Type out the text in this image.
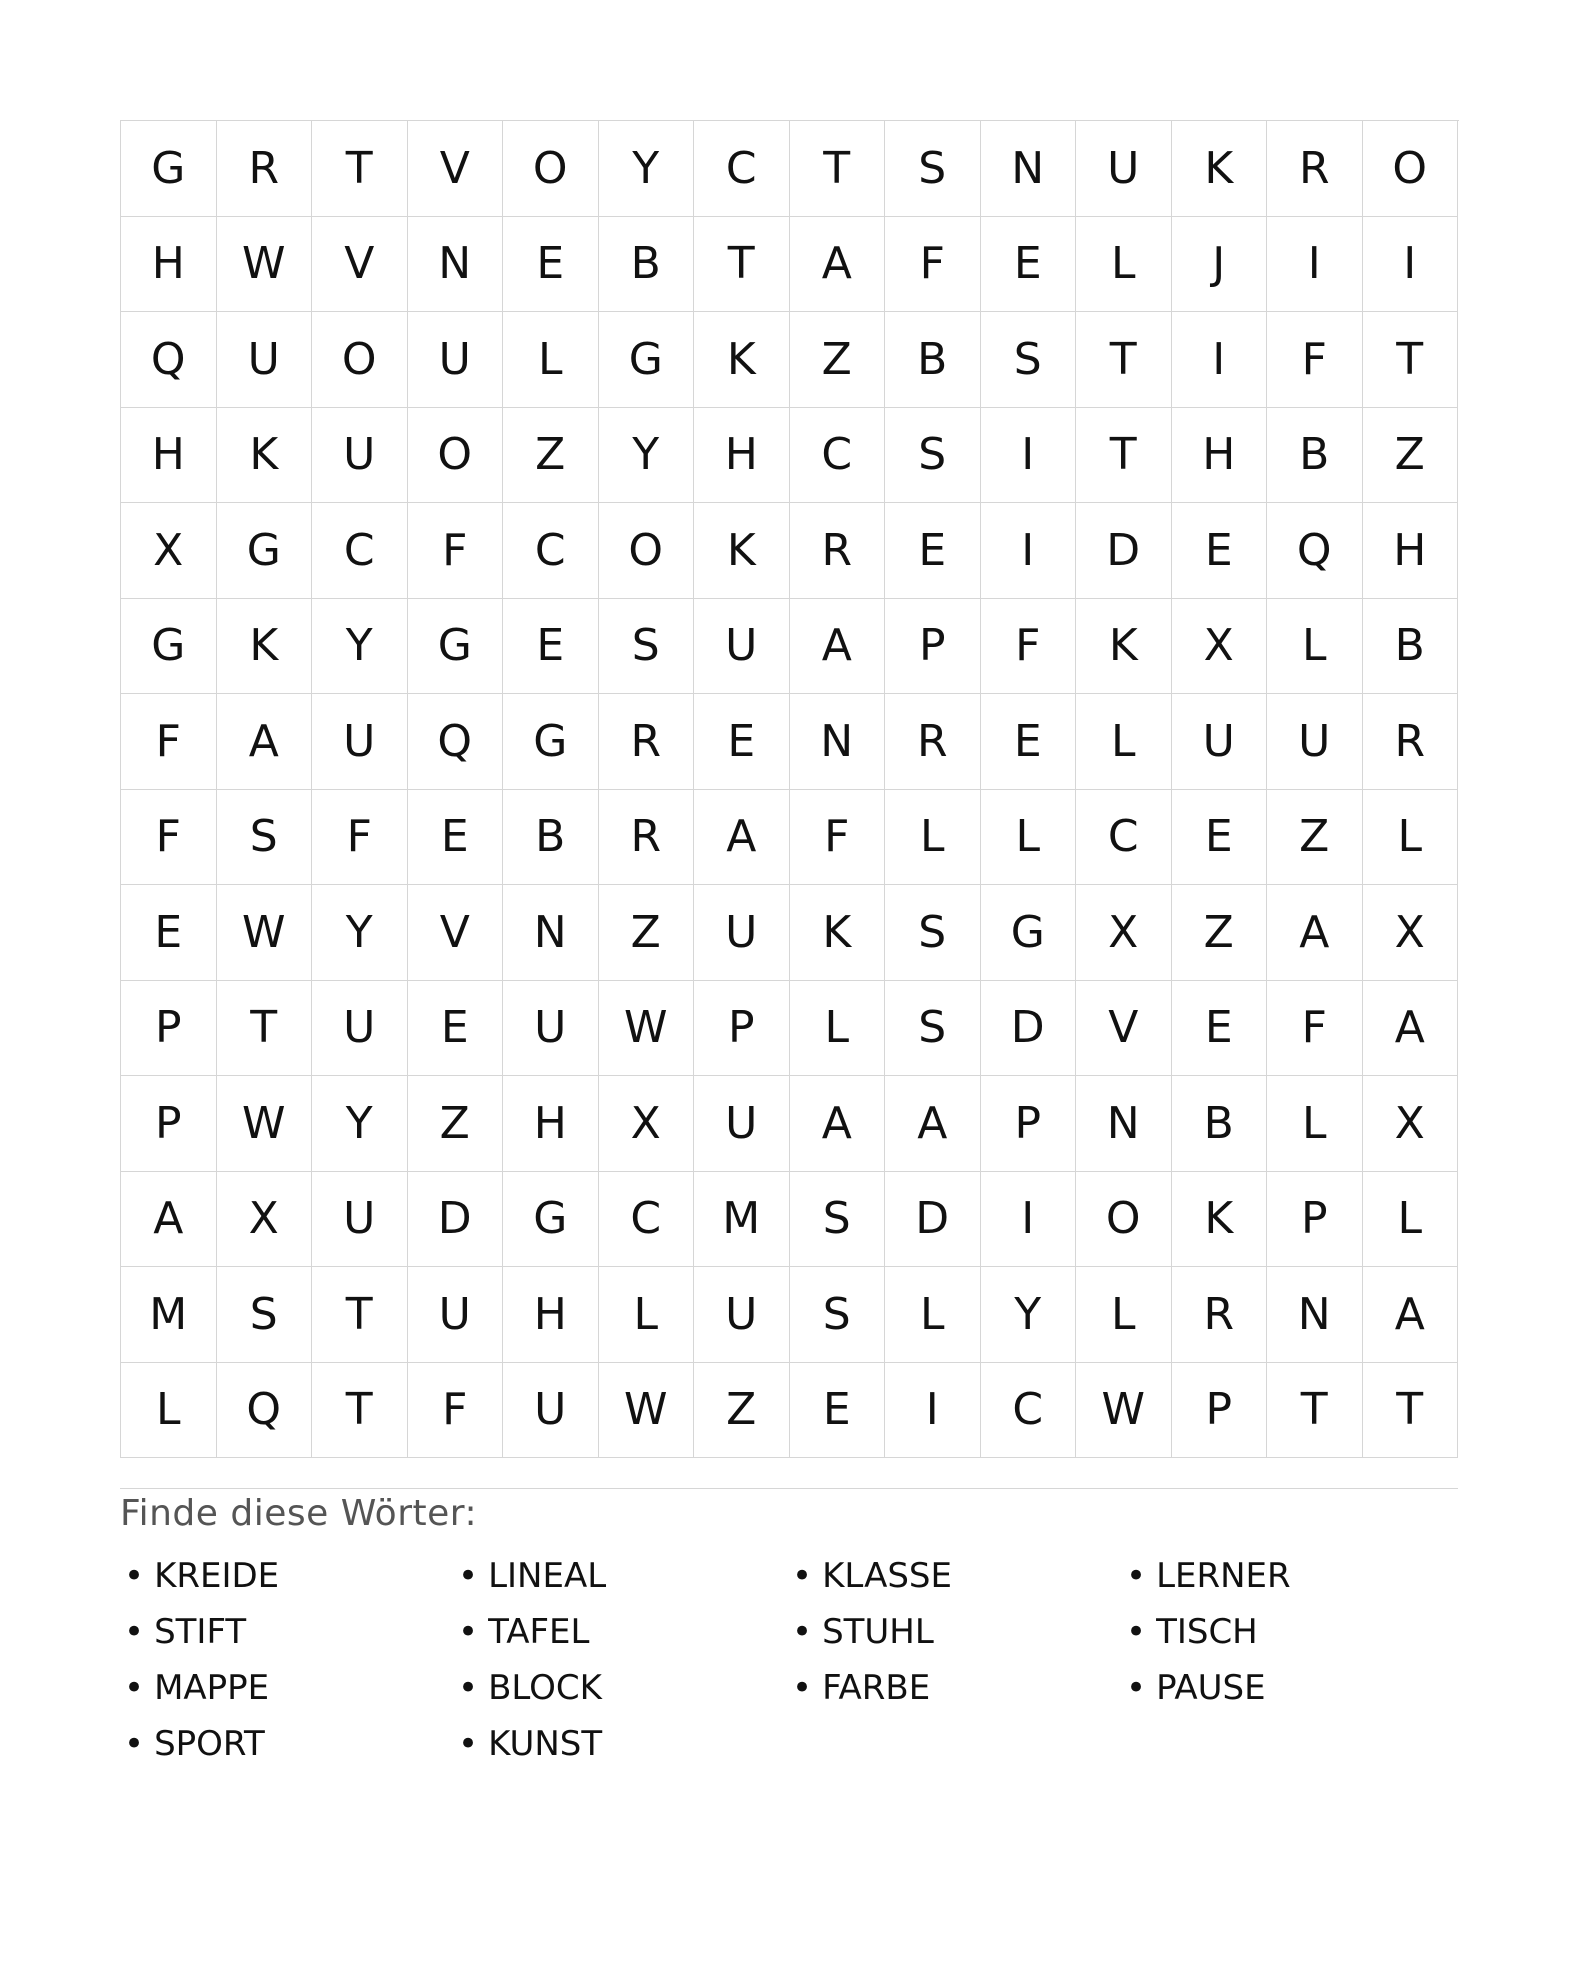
G	R	T	V	O	Y	C	T	S	N	U	K	R	O
H	W	V	N	E	B	T	A	F	E	L	J	I	I
Q	U	O	U	L	G	K	Z	B	S	T	I	F	T
H	K	U	O	Z	Y	H	C	S	I	T	H	B	Z
X	G	C	F	C	O	K	R	E	I	D	E	Q	H
G	K	Y	G	E	S	U	A	P	F	K	X	L	B
F	A	U	Q	G	R	E	N	R	E	L	U	U	R
F	S	F	E	B	R	A	F	L	L	C	E	Z	L
E	W	Y	V	N	Z	U	K	S	G	X	Z	A	X
P	T	U	E	U	W	P	L	S	D	V	E	F	A
P	W	Y	Z	H	X	U	A	A	P	N	B	L	X
A	X	U	D	G	C	M	S	D	I	O	K	P	L
M	S	T	U	H	L	U	S	L	Y	L	R	N	A
L	Q	T	F	U	W	Z	E	I	C	W	P	T	T
Finde diese Wörter:
• KREIDE	• LINEAL	• KLASSE	• LERNER
• STIFT	• TAFEL	• STUHL	• TISCH
• MAPPE	• BLOCK	• FARBE	• PAUSE
• SPORT	• KUNST
